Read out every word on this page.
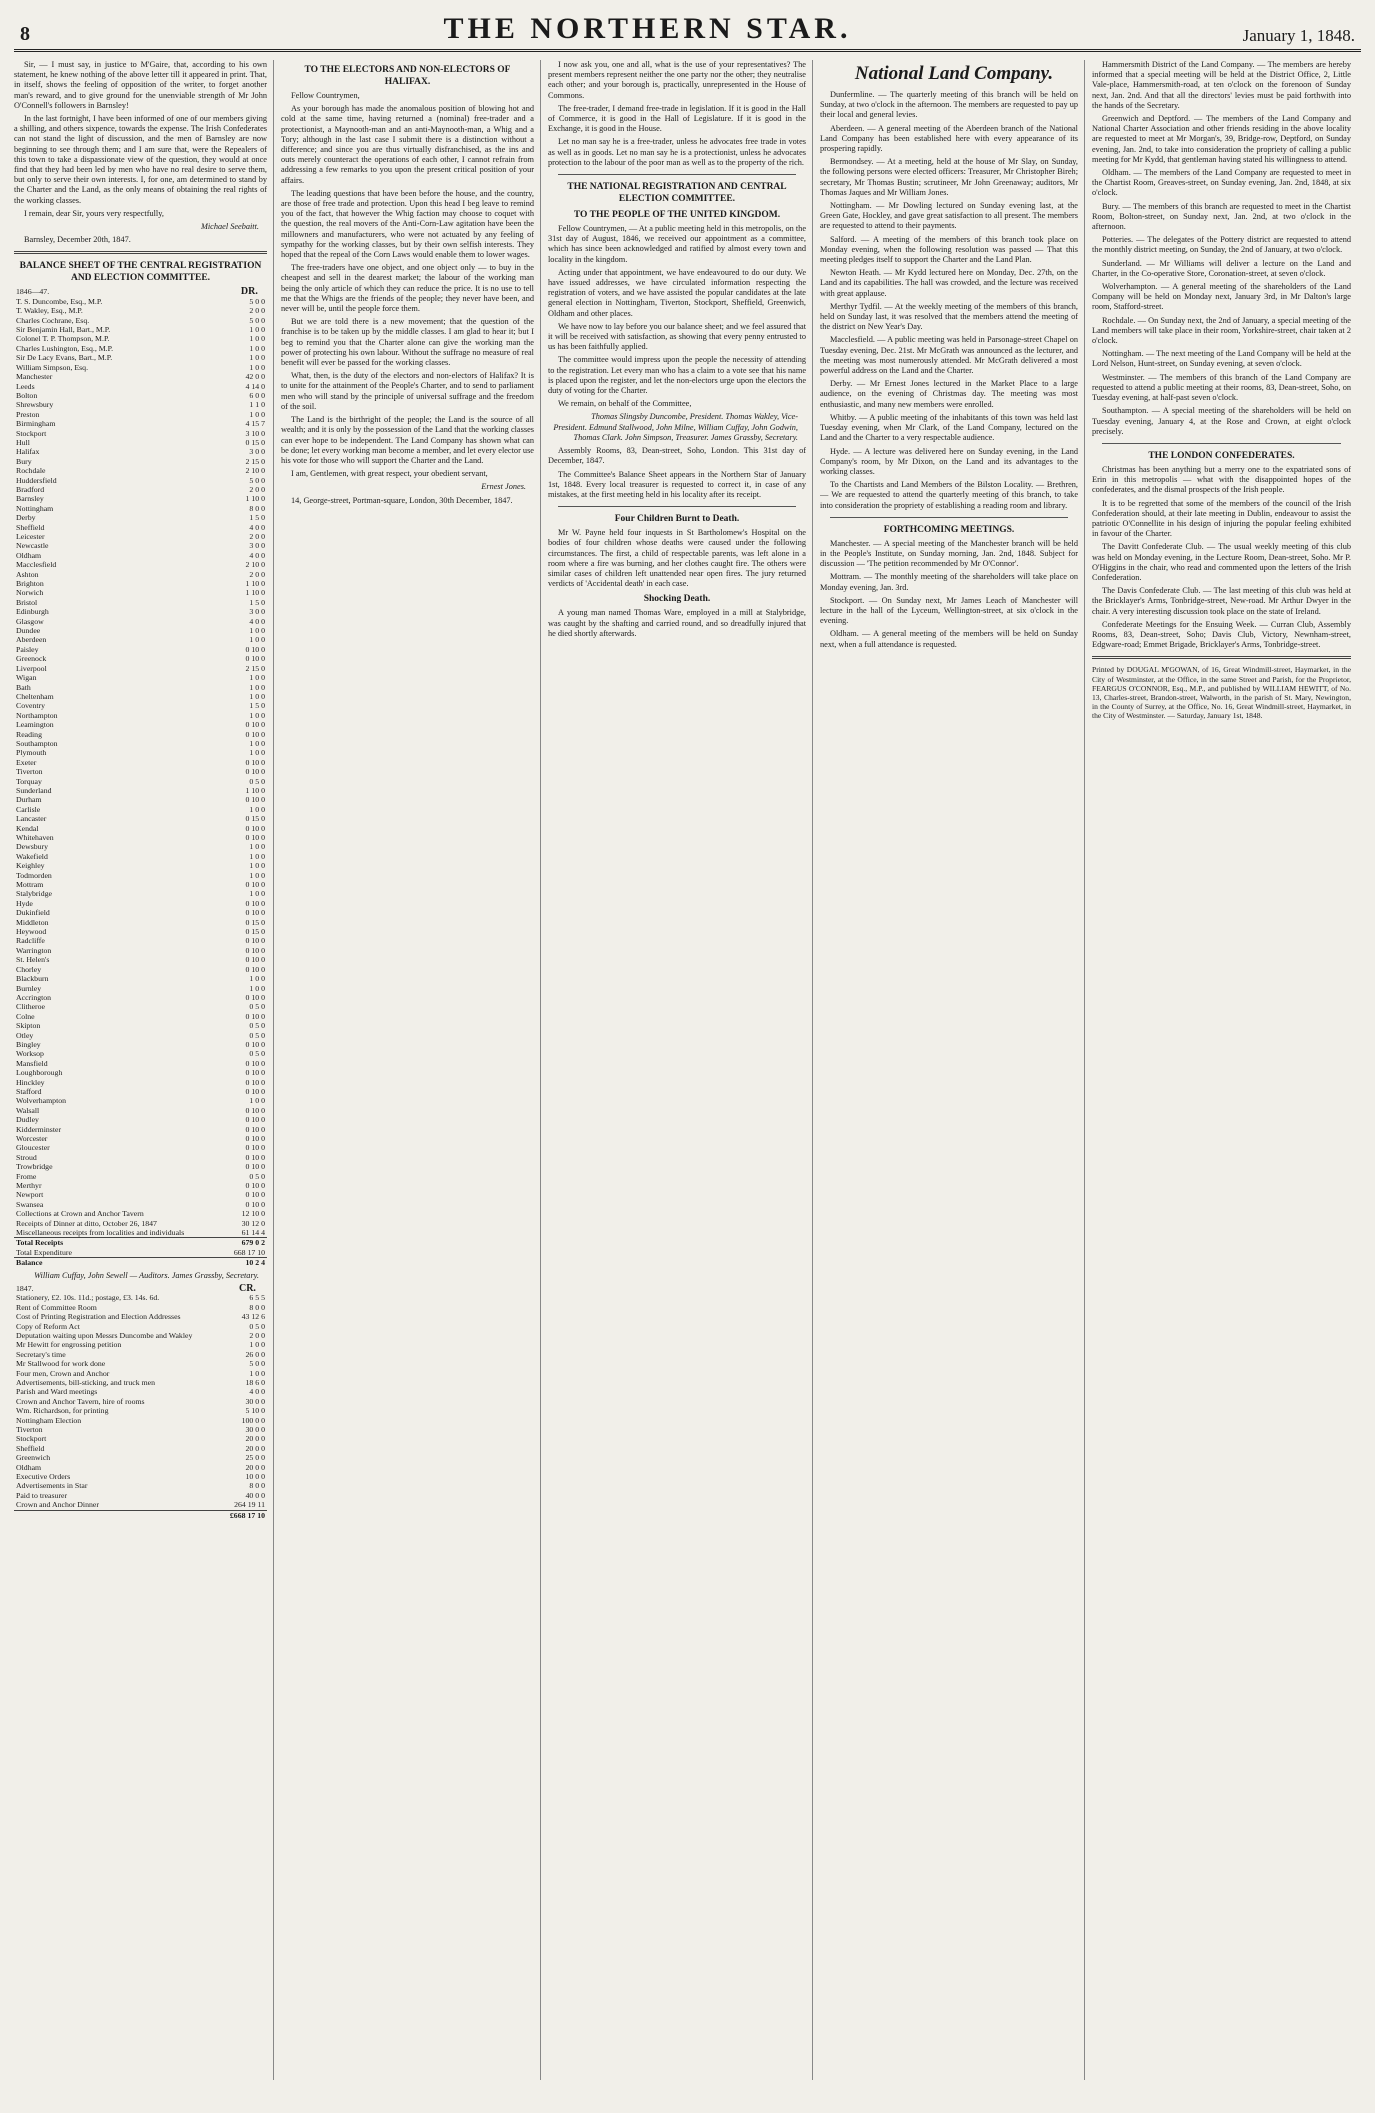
8	THE NORTHERN STAR.	January 1, 1848.

Sir, — I must say, in justice to M'Gaire, that, according to his own statement, he knew nothing of the above letter till it appeared in print. That, in itself, shows the feeling of opposition of the writer, to forget another man's reward, and to give ground for the unenviable strength of Mr John O'Connell's followers in Barnsley!

In the last fortnight, I have been informed of one of our members giving a shilling, and others sixpence, towards the expense. The Irish Confederates can not stand the light of discussion, and the men of Barnsley are now beginning to see through them; and I am sure that, were the Repealers of this town to take a dispassionate view of the question, they would at once find that they had been led by men who have no real desire to serve them, but only to serve their own interests. I, for one, am determined to stand by the Charter and the Land, as the only means of obtaining the real rights of the working classes.

I remain, dear Sir, yours very respectfully,

Michael Seebaitt.

Barnsley, December 20th, 1847.

BALANCE SHEET OF THE CENTRAL REGISTRATION AND ELECTION COMMITTEE.

1846—47.	DR.
T. S. Duncombe, Esq., M.P.	5 0 0
T. Wakley, Esq., M.P.	2 0 0
Charles Cochrane, Esq.	5 0 0
Sir Benjamin Hall, Bart., M.P.	1 0 0
Colonel T. P. Thompson, M.P.	1 0 0
Charles Lushington, Esq., M.P.	1 0 0
Sir De Lacy Evans, Bart., M.P.	1 0 0
William Simpson, Esq.	1 0 0
Manchester	42 0 0
Leeds	4 14 0
Bolton	6 0 0
Shrewsbury	1 1 0
Preston	1 0 0
Birmingham	4 15 7
Stockport	3 10 0
Hull	0 15 0
Halifax	3 0 0
Bury	2 15 0
Rochdale	2 10 0
Huddersfield	5 0 0
Bradford	2 0 0
Barnsley	1 10 0
Nottingham	8 0 0
Derby	1 5 0
Sheffield	4 0 0
Leicester	2 0 0
Newcastle	3 0 0
Oldham	4 0 0
Macclesfield	2 10 0
Ashton	2 0 0
Brighton	1 10 0
Norwich	1 10 0
Bristol	1 5 0
Edinburgh	3 0 0
Glasgow	4 0 0
Dundee	1 0 0
Aberdeen	1 0 0
Paisley	0 10 0
Greenock	0 10 0
Liverpool	2 15 0
Wigan	1 0 0
Bath	1 0 0
Cheltenham	1 0 0
Coventry	1 5 0
Northampton	1 0 0
Leamington	0 10 0
Reading	0 10 0
Southampton	1 0 0
Plymouth	1 0 0
Exeter	0 10 0
Tiverton	0 10 0
Torquay	0 5 0
Sunderland	1 10 0
Durham	0 10 0
Carlisle	1 0 0
Lancaster	0 15 0
Kendal	0 10 0
Whitehaven	0 10 0
Dewsbury	1 0 0
Wakefield	1 0 0
Keighley	1 0 0
Todmorden	1 0 0
Mottram	0 10 0
Stalybridge	1 0 0
Hyde	0 10 0
Dukinfield	0 10 0
Middleton	0 15 0
Heywood	0 15 0
Radcliffe	0 10 0
Warrington	0 10 0
St. Helen's	0 10 0
Chorley	0 10 0
Blackburn	1 0 0
Burnley	1 0 0
Accrington	0 10 0
Clitheroe	0 5 0
Colne	0 10 0
Skipton	0 5 0
Otley	0 5 0
Bingley	0 10 0
Worksop	0 5 0
Mansfield	0 10 0
Loughborough	0 10 0
Hinckley	0 10 0
Stafford	0 10 0
Wolverhampton	1 0 0
Walsall	0 10 0
Dudley	0 10 0
Kidderminster	0 10 0
Worcester	0 10 0
Gloucester	0 10 0
Stroud	0 10 0
Trowbridge	0 10 0
Frome	0 5 0
Merthyr	0 10 0
Newport	0 10 0
Swansea	0 10 0
Collections at Crown and Anchor Tavern	12 10 0
Receipts of Dinner at ditto, October 26, 1847	30 12 0
Miscellaneous receipts from localities and individuals	61 14 4
Total Receipts	679 0 2
Total Expenditure	668 17 10
Balance	10 2 4

William Cuffay, John Sewell — Auditors. James Grassby, Secretary.

1847.	CR.
Stationery, £2. 10s. 11d.; postage, £3. 14s. 6d.	6 5 5
Rent of Committee Room	8 0 0
Cost of Printing Registration and Election Addresses	43 12 6
Copy of Reform Act	0 5 0
Deputation waiting upon Messrs Duncombe and Wakley	2 0 0
Mr Hewitt for engrossing petition	1 0 0
Secretary's time	26 0 0
Mr Stallwood for work done	5 0 0
Four men, Crown and Anchor	1 0 0
Advertisements, bill-sticking, and truck men	18 6 0
Parish and Ward meetings	4 0 0
Crown and Anchor Tavern, hire of rooms	30 0 0
Wm. Richardson, for printing	5 10 0
Nottingham Election	100 0 0
Tiverton	30 0 0
Stockport	20 0 0
Sheffield	20 0 0
Greenwich	25 0 0
Oldham	20 0 0
Executive Orders	10 0 0
Advertisements in Star	8 0 0
Paid to treasurer	40 0 0
Crown and Anchor Dinner	264 19 11
	£668 17 10

TO THE ELECTORS AND NON-ELECTORS OF HALIFAX.

Fellow Countrymen,

As your borough has made the anomalous position of blowing hot and cold at the same time, having returned a (nominal) free-trader and a protectionist, a Maynooth-man and an anti-Maynooth-man, a Whig and a Tory; although in the last case I submit there is a distinction without a difference; and since you are thus virtually disfranchised, as the ins and outs merely counteract the operations of each other, I cannot refrain from addressing a few remarks to you upon the present critical position of your affairs.

The leading questions that have been before the house, and the country, are those of free trade and protection. Upon this head I beg leave to remind you of the fact, that however the Whig faction may choose to coquet with the question, the real movers of the Anti-Corn-Law agitation have been the millowners and manufacturers, who were not actuated by any feeling of sympathy for the working classes, but by their own selfish interests. They hoped that the repeal of the Corn Laws would enable them to lower wages.

The free-traders have one object, and one object only — to buy in the cheapest and sell in the dearest market; the labour of the working man being the only article of which they can reduce the price. It is no use to tell me that the Whigs are the friends of the people; they never have been, and never will be, until the people force them.

But we are told there is a new movement; that the question of the franchise is to be taken up by the middle classes. I am glad to hear it; but I beg to remind you that the Charter alone can give the working man the power of protecting his own labour. Without the suffrage no measure of real benefit will ever be passed for the working classes.

What, then, is the duty of the electors and non-electors of Halifax? It is to unite for the attainment of the People's Charter, and to send to parliament men who will stand by the principle of universal suffrage and the freedom of the soil.

The Land is the birthright of the people; the Land is the source of all wealth; and it is only by the possession of the Land that the working classes can ever hope to be independent. The Land Company has shown what can be done; let every working man become a member, and let every elector use his vote for those who will support the Charter and the Land.

I am, Gentlemen, with great respect, your obedient servant,

Ernest Jones.

14, George-street, Portman-square, London, 30th December, 1847.

I now ask you, one and all, what is the use of your representatives? The present members represent neither the one party nor the other; they neutralise each other; and your borough is, practically, unrepresented in the House of Commons.

The free-trader, I demand free-trade in legislation. If it is good in the Hall of Commerce, it is good in the Hall of Legislature. If it is good in the Exchange, it is good in the House.

Let no man say he is a free-trader, unless he advocates free trade in votes as well as in goods. Let no man say he is a protectionist, unless he advocates protection to the labour of the poor man as well as to the property of the rich.

THE NATIONAL REGISTRATION AND CENTRAL ELECTION COMMITTEE.

TO THE PEOPLE OF THE UNITED KINGDOM.

Fellow Countrymen, — At a public meeting held in this metropolis, on the 31st day of August, 1846, we received our appointment as a committee, which has since been acknowledged and ratified by almost every town and locality in the kingdom.

Acting under that appointment, we have endeavoured to do our duty. We have issued addresses, we have circulated information respecting the registration of voters, and we have assisted the popular candidates at the late general election in Nottingham, Tiverton, Stockport, Sheffield, Greenwich, Oldham and other places.

We have now to lay before you our balance sheet; and we feel assured that it will be received with satisfaction, as showing that every penny entrusted to us has been faithfully applied.

The committee would impress upon the people the necessity of attending to the registration. Let every man who has a claim to a vote see that his name is placed upon the register, and let the non-electors urge upon the electors the duty of voting for the Charter.

We remain, on behalf of the Committee,

Thomas Slingsby Duncombe, President. Thomas Wakley, Vice-President. Edmund Stallwood, John Milne, William Cuffay, John Godwin, Thomas Clark. John Simpson, Treasurer. James Grassby, Secretary.

Assembly Rooms, 83, Dean-street, Soho, London. This 31st day of December, 1847.

The Committee's Balance Sheet appears in the Northern Star of January 1st, 1848. Every local treasurer is requested to correct it, in case of any mistakes, at the first meeting held in his locality after its receipt.

Four Children Burnt to Death.

Mr W. Payne held four inquests in St Bartholomew's Hospital on the bodies of four children whose deaths were caused under the following circumstances. The first, a child of respectable parents, was left alone in a room where a fire was burning, and her clothes caught fire. The others were similar cases of children left unattended near open fires. The jury returned verdicts of 'Accidental death' in each case.

Shocking Death.

A young man named Thomas Ware, employed in a mill at Stalybridge, was caught by the shafting and carried round, and so dreadfully injured that he died shortly afterwards.

National Land Company.

Dunfermline. — The quarterly meeting of this branch will be held on Sunday, at two o'clock in the afternoon. The members are requested to pay up their local and general levies.

Aberdeen. — A general meeting of the Aberdeen branch of the National Land Company has been established here with every appearance of its prospering rapidly.

Bermondsey. — At a meeting, held at the house of Mr Slay, on Sunday, the following persons were elected officers: Treasurer, Mr Christopher Bireh; secretary, Mr Thomas Bustin; scrutineer, Mr John Greenaway; auditors, Mr Thomas Jaques and Mr William Jones.

Nottingham. — Mr Dowling lectured on Sunday evening last, at the Green Gate, Hockley, and gave great satisfaction to all present. The members are requested to attend to their payments.

Salford. — A meeting of the members of this branch took place on Monday evening, when the following resolution was passed — That this meeting pledges itself to support the Charter and the Land Plan.

Newton Heath. — Mr Kydd lectured here on Monday, Dec. 27th, on the Land and its capabilities. The hall was crowded, and the lecture was received with great applause.

Merthyr Tydfil. — At the weekly meeting of the members of this branch, held on Sunday last, it was resolved that the members attend the meeting of the district on New Year's Day.

Macclesfield. — A public meeting was held in Parsonage-street Chapel on Tuesday evening, Dec. 21st. Mr McGrath was announced as the lecturer, and the meeting was most numerously attended. Mr McGrath delivered a most powerful address on the Land and the Charter.

Derby. — Mr Ernest Jones lectured in the Market Place to a large audience, on the evening of Christmas day. The meeting was most enthusiastic, and many new members were enrolled.

Whitby. — A public meeting of the inhabitants of this town was held last Tuesday evening, when Mr Clark, of the Land Company, lectured on the Land and the Charter to a very respectable audience.

Hyde. — A lecture was delivered here on Sunday evening, in the Land Company's room, by Mr Dixon, on the Land and its advantages to the working classes.

To the Chartists and Land Members of the Bilston Locality. — Brethren, — We are requested to attend the quarterly meeting of this branch, to take into consideration the propriety of establishing a reading room and library.

FORTHCOMING MEETINGS.

Manchester. — A special meeting of the Manchester branch will be held in the People's Institute, on Sunday morning, Jan. 2nd, 1848. Subject for discussion — 'The petition recommended by Mr O'Connor'.

Mottram. — The monthly meeting of the shareholders will take place on Monday evening, Jan. 3rd.

Stockport. — On Sunday next, Mr James Leach of Manchester will lecture in the hall of the Lyceum, Wellington-street, at six o'clock in the evening.

Oldham. — A general meeting of the members will be held on Sunday next, when a full attendance is requested.

Hammersmith District of the Land Company. — The members are hereby informed that a special meeting will be held at the District Office, 2, Little Vale-place, Hammersmith-road, at ten o'clock on the forenoon of Sunday next, Jan. 2nd. And that all the directors' levies must be paid forthwith into the hands of the Secretary.

Greenwich and Deptford. — The members of the Land Company and National Charter Association and other friends residing in the above locality are requested to meet at Mr Morgan's, 39, Bridge-row, Deptford, on Sunday evening, Jan. 2nd, to take into consideration the propriety of calling a public meeting for Mr Kydd, that gentleman having stated his willingness to attend.

Oldham. — The members of the Land Company are requested to meet in the Chartist Room, Greaves-street, on Sunday evening, Jan. 2nd, 1848, at six o'clock.

Bury. — The members of this branch are requested to meet in the Chartist Room, Bolton-street, on Sunday next, Jan. 2nd, at two o'clock in the afternoon.

Potteries. — The delegates of the Pottery district are requested to attend the monthly district meeting, on Sunday, the 2nd of January, at two o'clock.

Sunderland. — Mr Williams will deliver a lecture on the Land and Charter, in the Co-operative Store, Coronation-street, at seven o'clock.

Wolverhampton. — A general meeting of the shareholders of the Land Company will be held on Monday next, January 3rd, in Mr Dalton's large room, Stafford-street.

Rochdale. — On Sunday next, the 2nd of January, a special meeting of the Land members will take place in their room, Yorkshire-street, chair taken at 2 o'clock.

Nottingham. — The next meeting of the Land Company will be held at the Lord Nelson, Hunt-street, on Sunday evening, at seven o'clock.

Westminster. — The members of this branch of the Land Company are requested to attend a public meeting at their rooms, 83, Dean-street, Soho, on Tuesday evening, at half-past seven o'clock.

Southampton. — A special meeting of the shareholders will be held on Tuesday evening, January 4, at the Rose and Crown, at eight o'clock precisely.

THE LONDON CONFEDERATES.

Christmas has been anything but a merry one to the expatriated sons of Erin in this metropolis — what with the disappointed hopes of the confederates, and the dismal prospects of the Irish people.

It is to be regretted that some of the members of the council of the Irish Confederation should, at their late meeting in Dublin, endeavour to assist the patriotic O'Connellite in his design of injuring the popular feeling exhibited in favour of the Charter.

The Davitt Confederate Club. — The usual weekly meeting of this club was held on Monday evening, in the Lecture Room, Dean-street, Soho. Mr P. O'Higgins in the chair, who read and commented upon the letters of the Irish Confederation.

The Davis Confederate Club. — The last meeting of this club was held at the Bricklayer's Arms, Tonbridge-street, New-road. Mr Arthur Dwyer in the chair. A very interesting discussion took place on the state of Ireland.

Confederate Meetings for the Ensuing Week. — Curran Club, Assembly Rooms, 83, Dean-street, Soho; Davis Club, Victory, Newnham-street, Edgware-road; Emmet Brigade, Bricklayer's Arms, Tonbridge-street.

Printed by DOUGAL M'GOWAN, of 16, Great Windmill-street, Haymarket, in the City of Westminster, at the Office, in the same Street and Parish, for the Proprietor, FEARGUS O'CONNOR, Esq., M.P., and published by WILLIAM HEWITT, of No. 13, Charles-street, Brandon-street, Walworth, in the parish of St. Mary, Newington, in the County of Surrey, at the Office, No. 16, Great Windmill-street, Haymarket, in the City of Westminster. — Saturday, January 1st, 1848.
